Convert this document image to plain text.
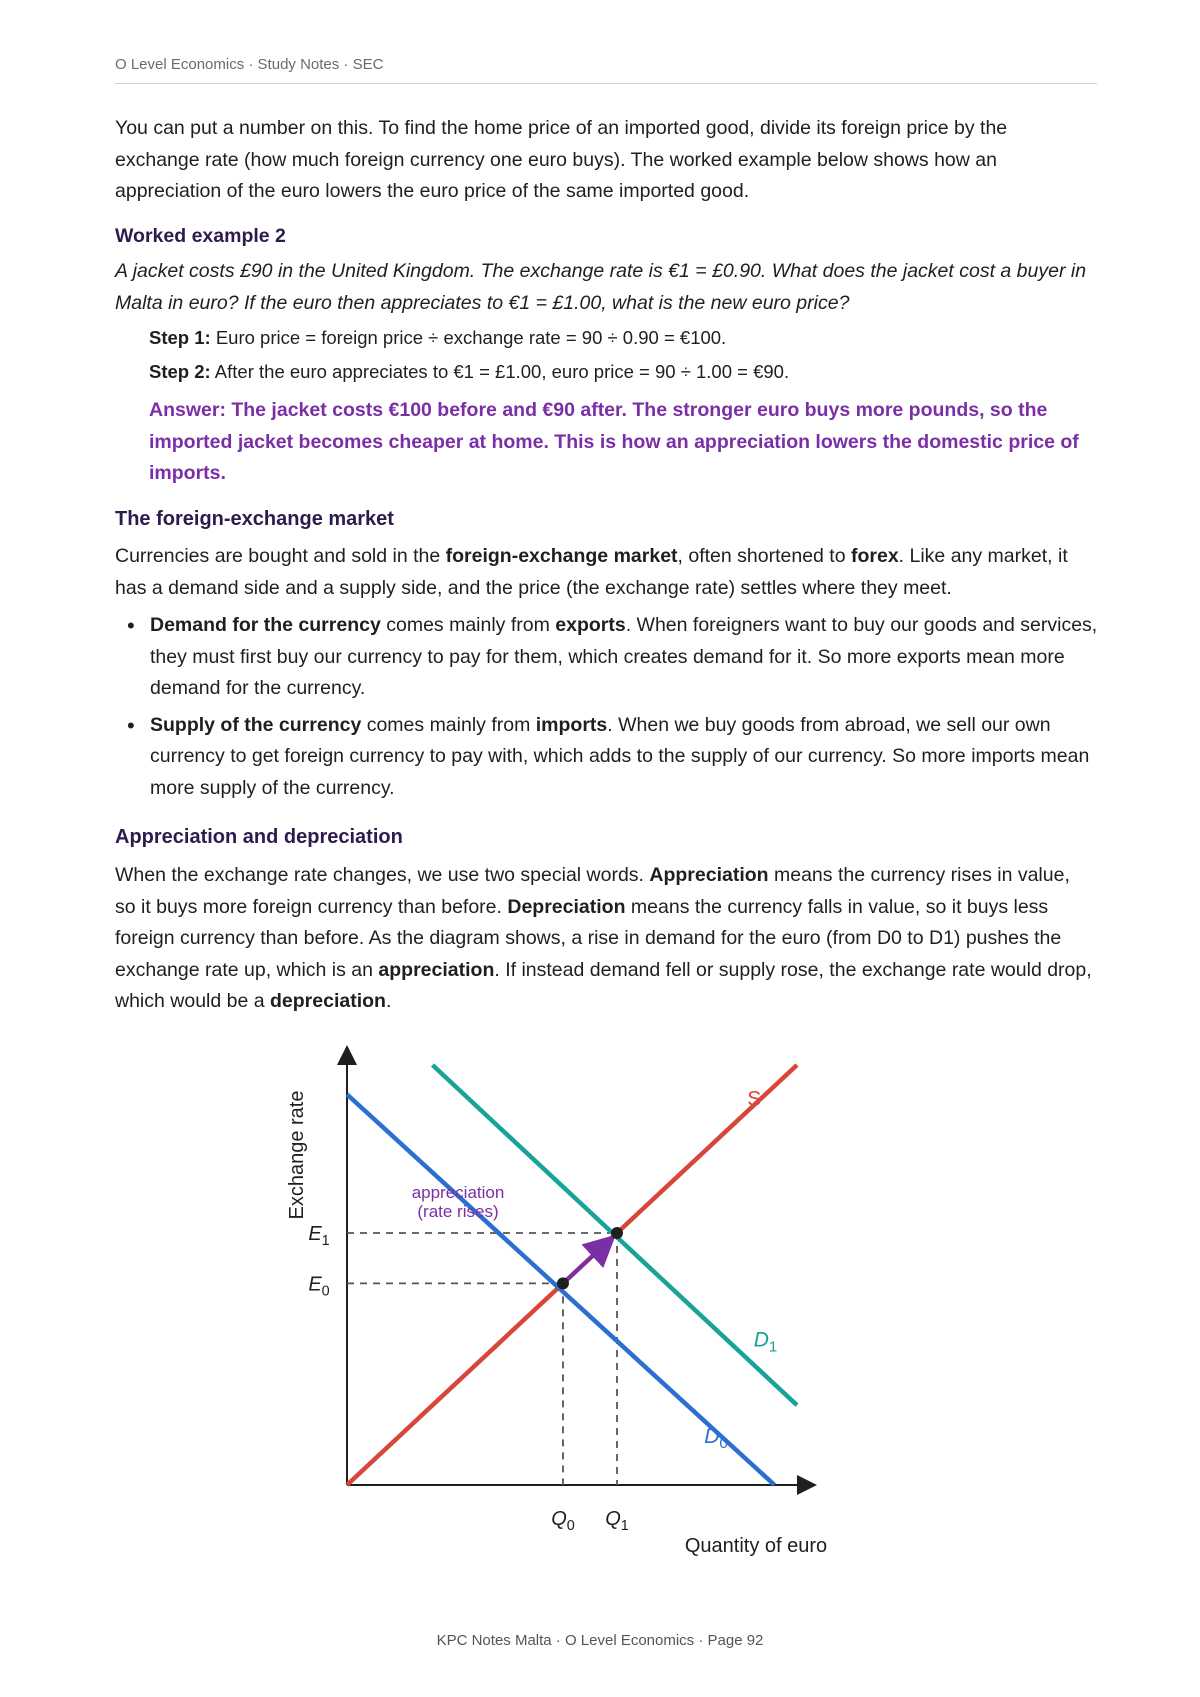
O Level Economics · Study Notes · SEC

You can put a number on this. To find the home price of an imported good, divide its foreign price by the exchange rate (how much foreign currency one euro buys). The worked example below shows how an appreciation of the euro lowers the euro price of the same imported good.

Worked example 2

A jacket costs £90 in the United Kingdom. The exchange rate is €1 = £0.90. What does the jacket cost a buyer in Malta in euro? If the euro then appreciates to €1 = £1.00, what is the new euro price?

Step 1: Euro price = foreign price ÷ exchange rate = 90 ÷ 0.90 = €100.
Step 2: After the euro appreciates to €1 = £1.00, euro price = 90 ÷ 1.00 = €90.
Answer: The jacket costs €100 before and €90 after. The stronger euro buys more pounds, so the imported jacket becomes cheaper at home. This is how an appreciation lowers the domestic price of imports.
The foreign-exchange market

Currencies are bought and sold in the foreign-exchange market, often shortened to forex. Like any market, it has a demand side and a supply side, and the price (the exchange rate) settles where they meet.

• Demand for the currency comes mainly from exports. When foreigners want to buy our goods and services, they must first buy our currency to pay for them, which creates demand for it. So more exports mean more demand for the currency.
• Supply of the currency comes mainly from imports. When we buy goods from abroad, we sell our own currency to get foreign currency to pay with, which adds to the supply of our currency. So more imports mean more supply of the currency.
Appreciation and depreciation

When the exchange rate changes, we use two special words. Appreciation means the currency rises in value, so it buys more foreign currency than before. Depreciation means the currency falls in value, so it buys less foreign currency than before. As the diagram shows, a rise in demand for the euro (from D0 to D1) pushes the exchange rate up, which is an appreciation. If instead demand fell or supply rose, the exchange rate would drop, which would be a depreciation.

S
$D_1$
$D_0$
$E_1$
$E_0$
$Q_0$ $Q_1$
Exchange rate
Quantity of euro
appreciation
(rate rises)
KPC Notes Malta · O Level Economics · Page 92
